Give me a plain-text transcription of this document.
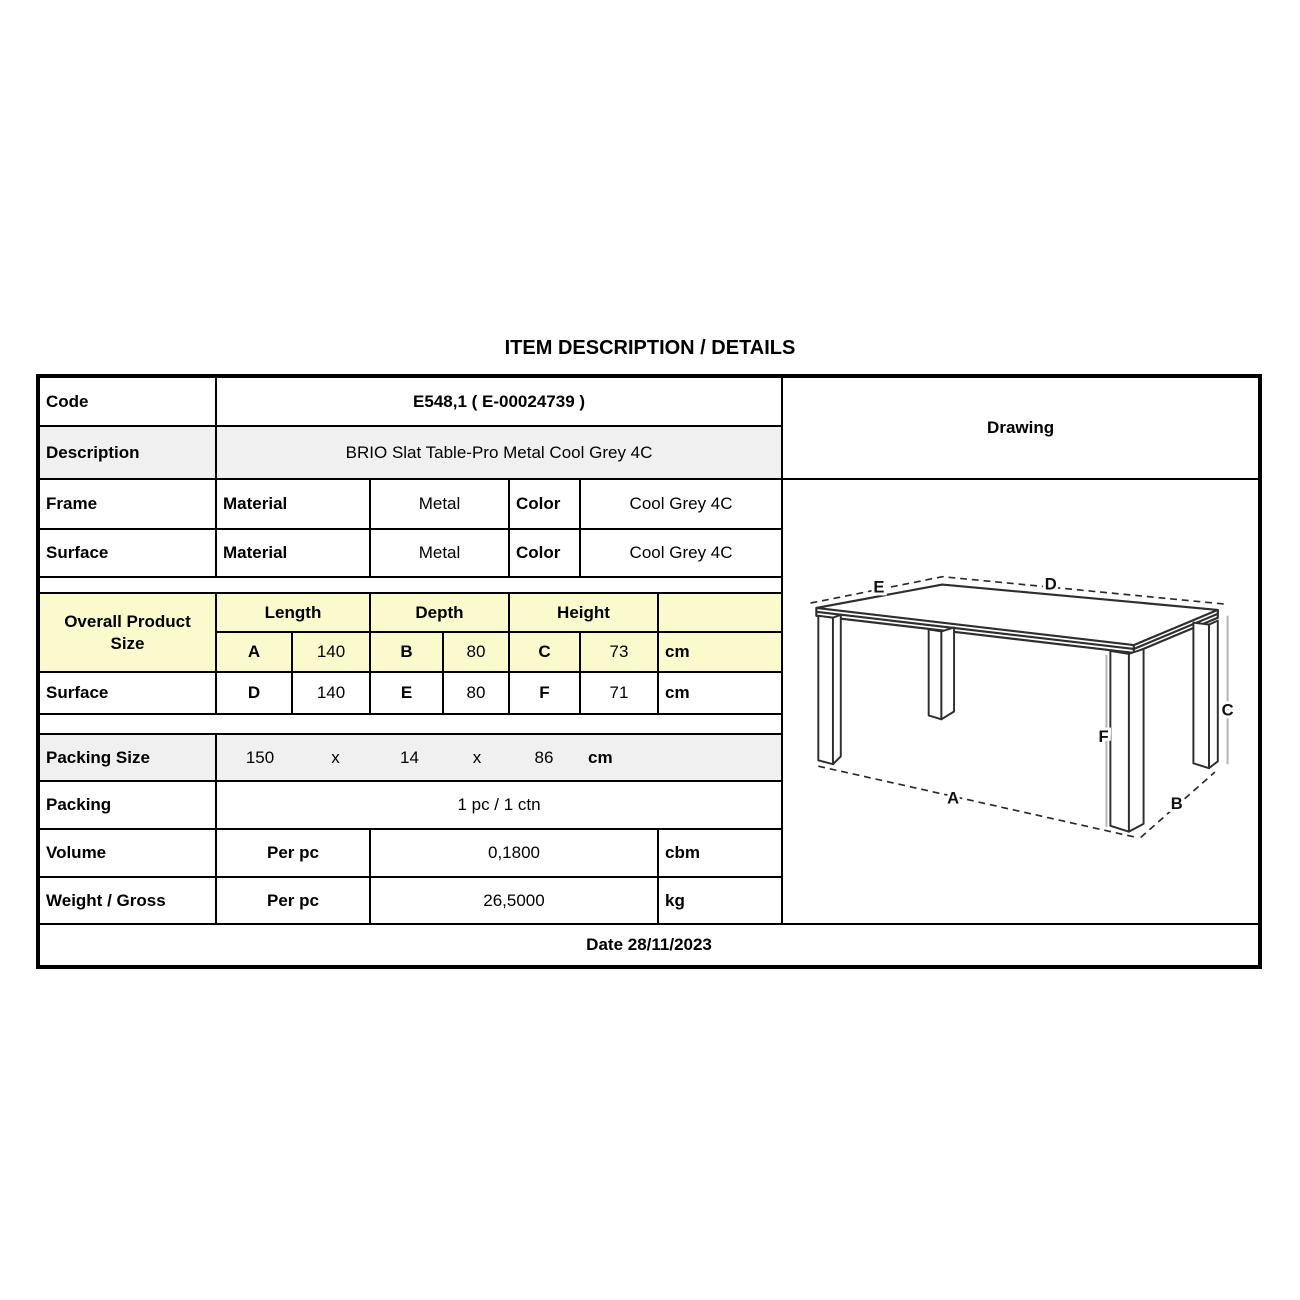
ITEM DESCRIPTION / DETAILS
Code	E548,1 ( E-00024739 )							Drawing
Description	BRIO Slat Table-Pro Metal Cool Grey 4C							
Frame	Material	Metal	Color	Cool Grey 4C	
E	D
C
F
A	B

Surface	Material		Metal		Color	Cool Grey 4C		

Overall Product
Size	Length		Depth		Height			
	A	140	B	80	C	73	cm	
Surface	D	140	E	80	F	71	cm	

Packing Size	150	x	14	x	86	cm

Packing	1 pc / 1 ctn							
Volume	Per pc		0,1800				cbm	
Weight / Gross	Per pc		26,5000				kg	
Date 28/11/2023								
